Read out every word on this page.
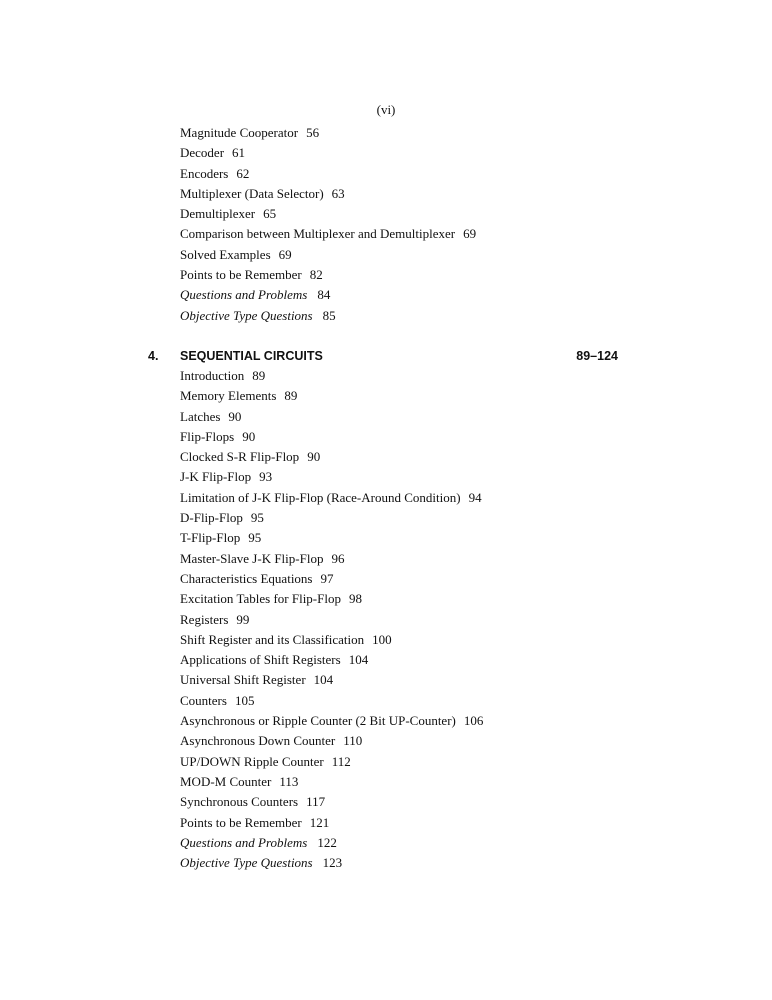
(vi)
Magnitude Cooperator 56
Decoder 61
Encoders 62
Multiplexer (Data Selector) 63
Demultiplexer 65
Comparison between Multiplexer and Demultiplexer 69
Solved Examples 69
Points to be Remember 82
Questions and Problems 84
Objective Type Questions 85
4. SEQUENTIAL CIRCUITS	89–124
Introduction 89
Memory Elements 89
Latches 90
Flip-Flops 90
Clocked S-R Flip-Flop 90
J-K Flip-Flop 93
Limitation of J-K Flip-Flop (Race-Around Condition) 94
D-Flip-Flop 95
T-Flip-Flop 95
Master-Slave J-K Flip-Flop 96
Characteristics Equations 97
Excitation Tables for Flip-Flop 98
Registers 99
Shift Register and its Classification 100
Applications of Shift Registers 104
Universal Shift Register 104
Counters 105
Asynchronous or Ripple Counter (2 Bit UP-Counter) 106
Asynchronous Down Counter 110
UP/DOWN Ripple Counter 112
MOD-M Counter 113
Synchronous Counters 117
Points to be Remember 121
Questions and Problems 122
Objective Type Questions 123
